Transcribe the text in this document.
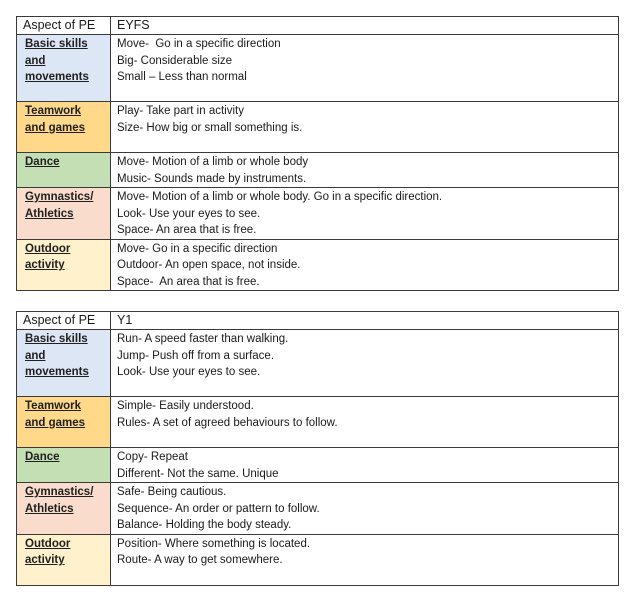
Aspect of PE	EYFS

Basic skills
and
movements	Move-  Go in a specific direction
Big- Considerable size
Small – Less than normal

Teamwork
and games	Play- Take part in activity
Size- How big or small something is.

Dance	Move- Motion of a limb or whole body
Music- Sounds made by instruments.

Gymnastics/
Athletics	Move- Motion of a limb or whole body. Go in a specific direction.
Look- Use your eyes to see.
Space- An area that is free.

Outdoor
activity	Move- Go in a specific direction
Outdoor- An open space, not inside.
Space-  An area that is free.
Aspect of PE	Y1

Basic skills
and
movements	Run- A speed faster than walking.
Jump- Push off from a surface.
Look- Use your eyes to see.

Teamwork
and games	Simple- Easily understood.
Rules- A set of agreed behaviours to follow.

Dance	Copy- Repeat
Different- Not the same. Unique

Gymnastics/
Athletics	Safe- Being cautious.
Sequence- An order or pattern to follow.
Balance- Holding the body steady.

Outdoor
activity	Position- Where something is located.
Route- A way to get somewhere.
